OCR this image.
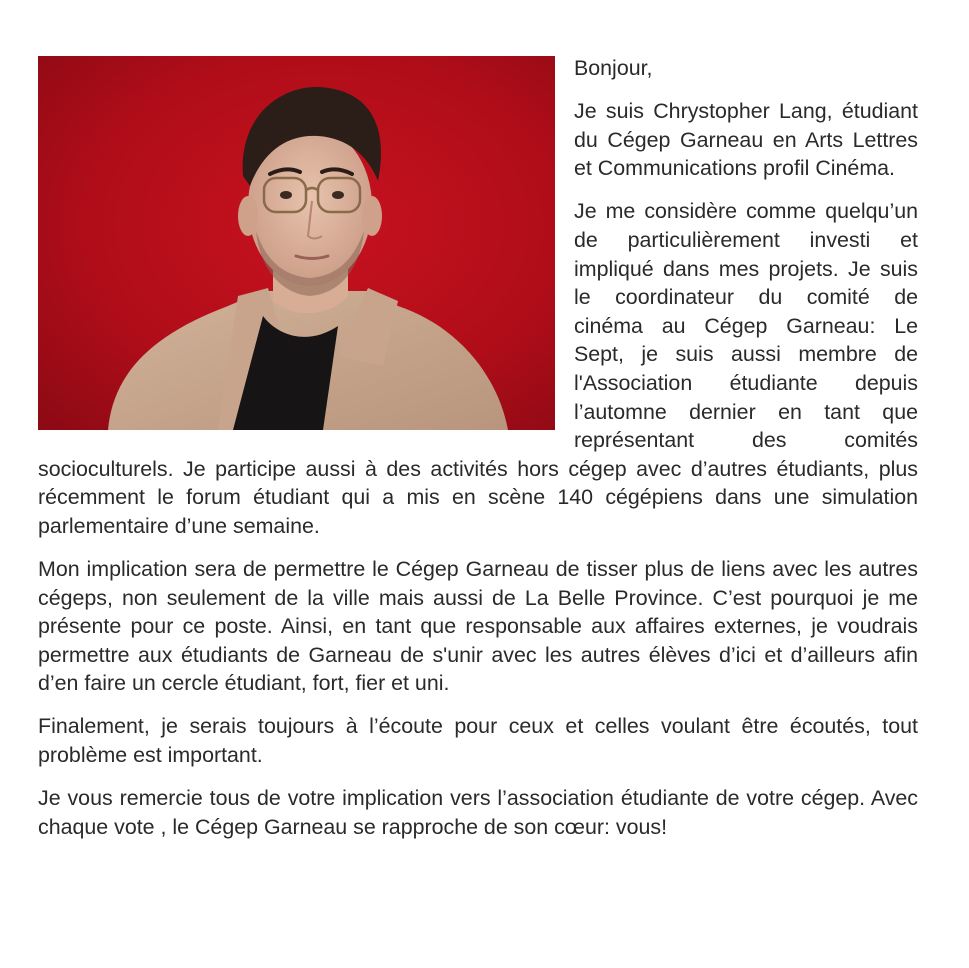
Bonjour,

Je suis Chrystopher Lang, étudiant du Cégep Garneau en Arts Lettres et Communications profil Cinéma.

Je me considère comme quelqu’un de particulièrement investi et impliqué dans mes projets. Je suis le coordinateur du comité de cinéma au Cégep Garneau: Le Sept, je suis aussi membre de l'Association étudiante depuis l’automne dernier en tant que représentant des comités socioculturels. Je participe aussi à des activités hors cégep avec d’autres étudiants, plus récemment le forum étudiant qui a mis en scène 140 cégépiens dans une simulation parlementaire d’une semaine.

Mon implication sera de permettre le Cégep Garneau de tisser plus de liens avec les autres cégeps, non seulement de la ville mais aussi de La Belle Province. C’est pourquoi je me présente pour ce poste. Ainsi, en tant que responsable aux affaires externes, je voudrais permettre aux étudiants de Garneau de s'unir avec les autres élèves d’ici et d’ailleurs afin d’en faire un cercle étudiant, fort, fier et uni.

Finalement, je serais toujours à l’écoute pour ceux et celles voulant être écoutés, tout problème est important.

Je vous remercie tous de votre implication vers l’association étudiante de votre cégep. Avec chaque vote , le Cégep Garneau se rapproche de son cœur: vous!
